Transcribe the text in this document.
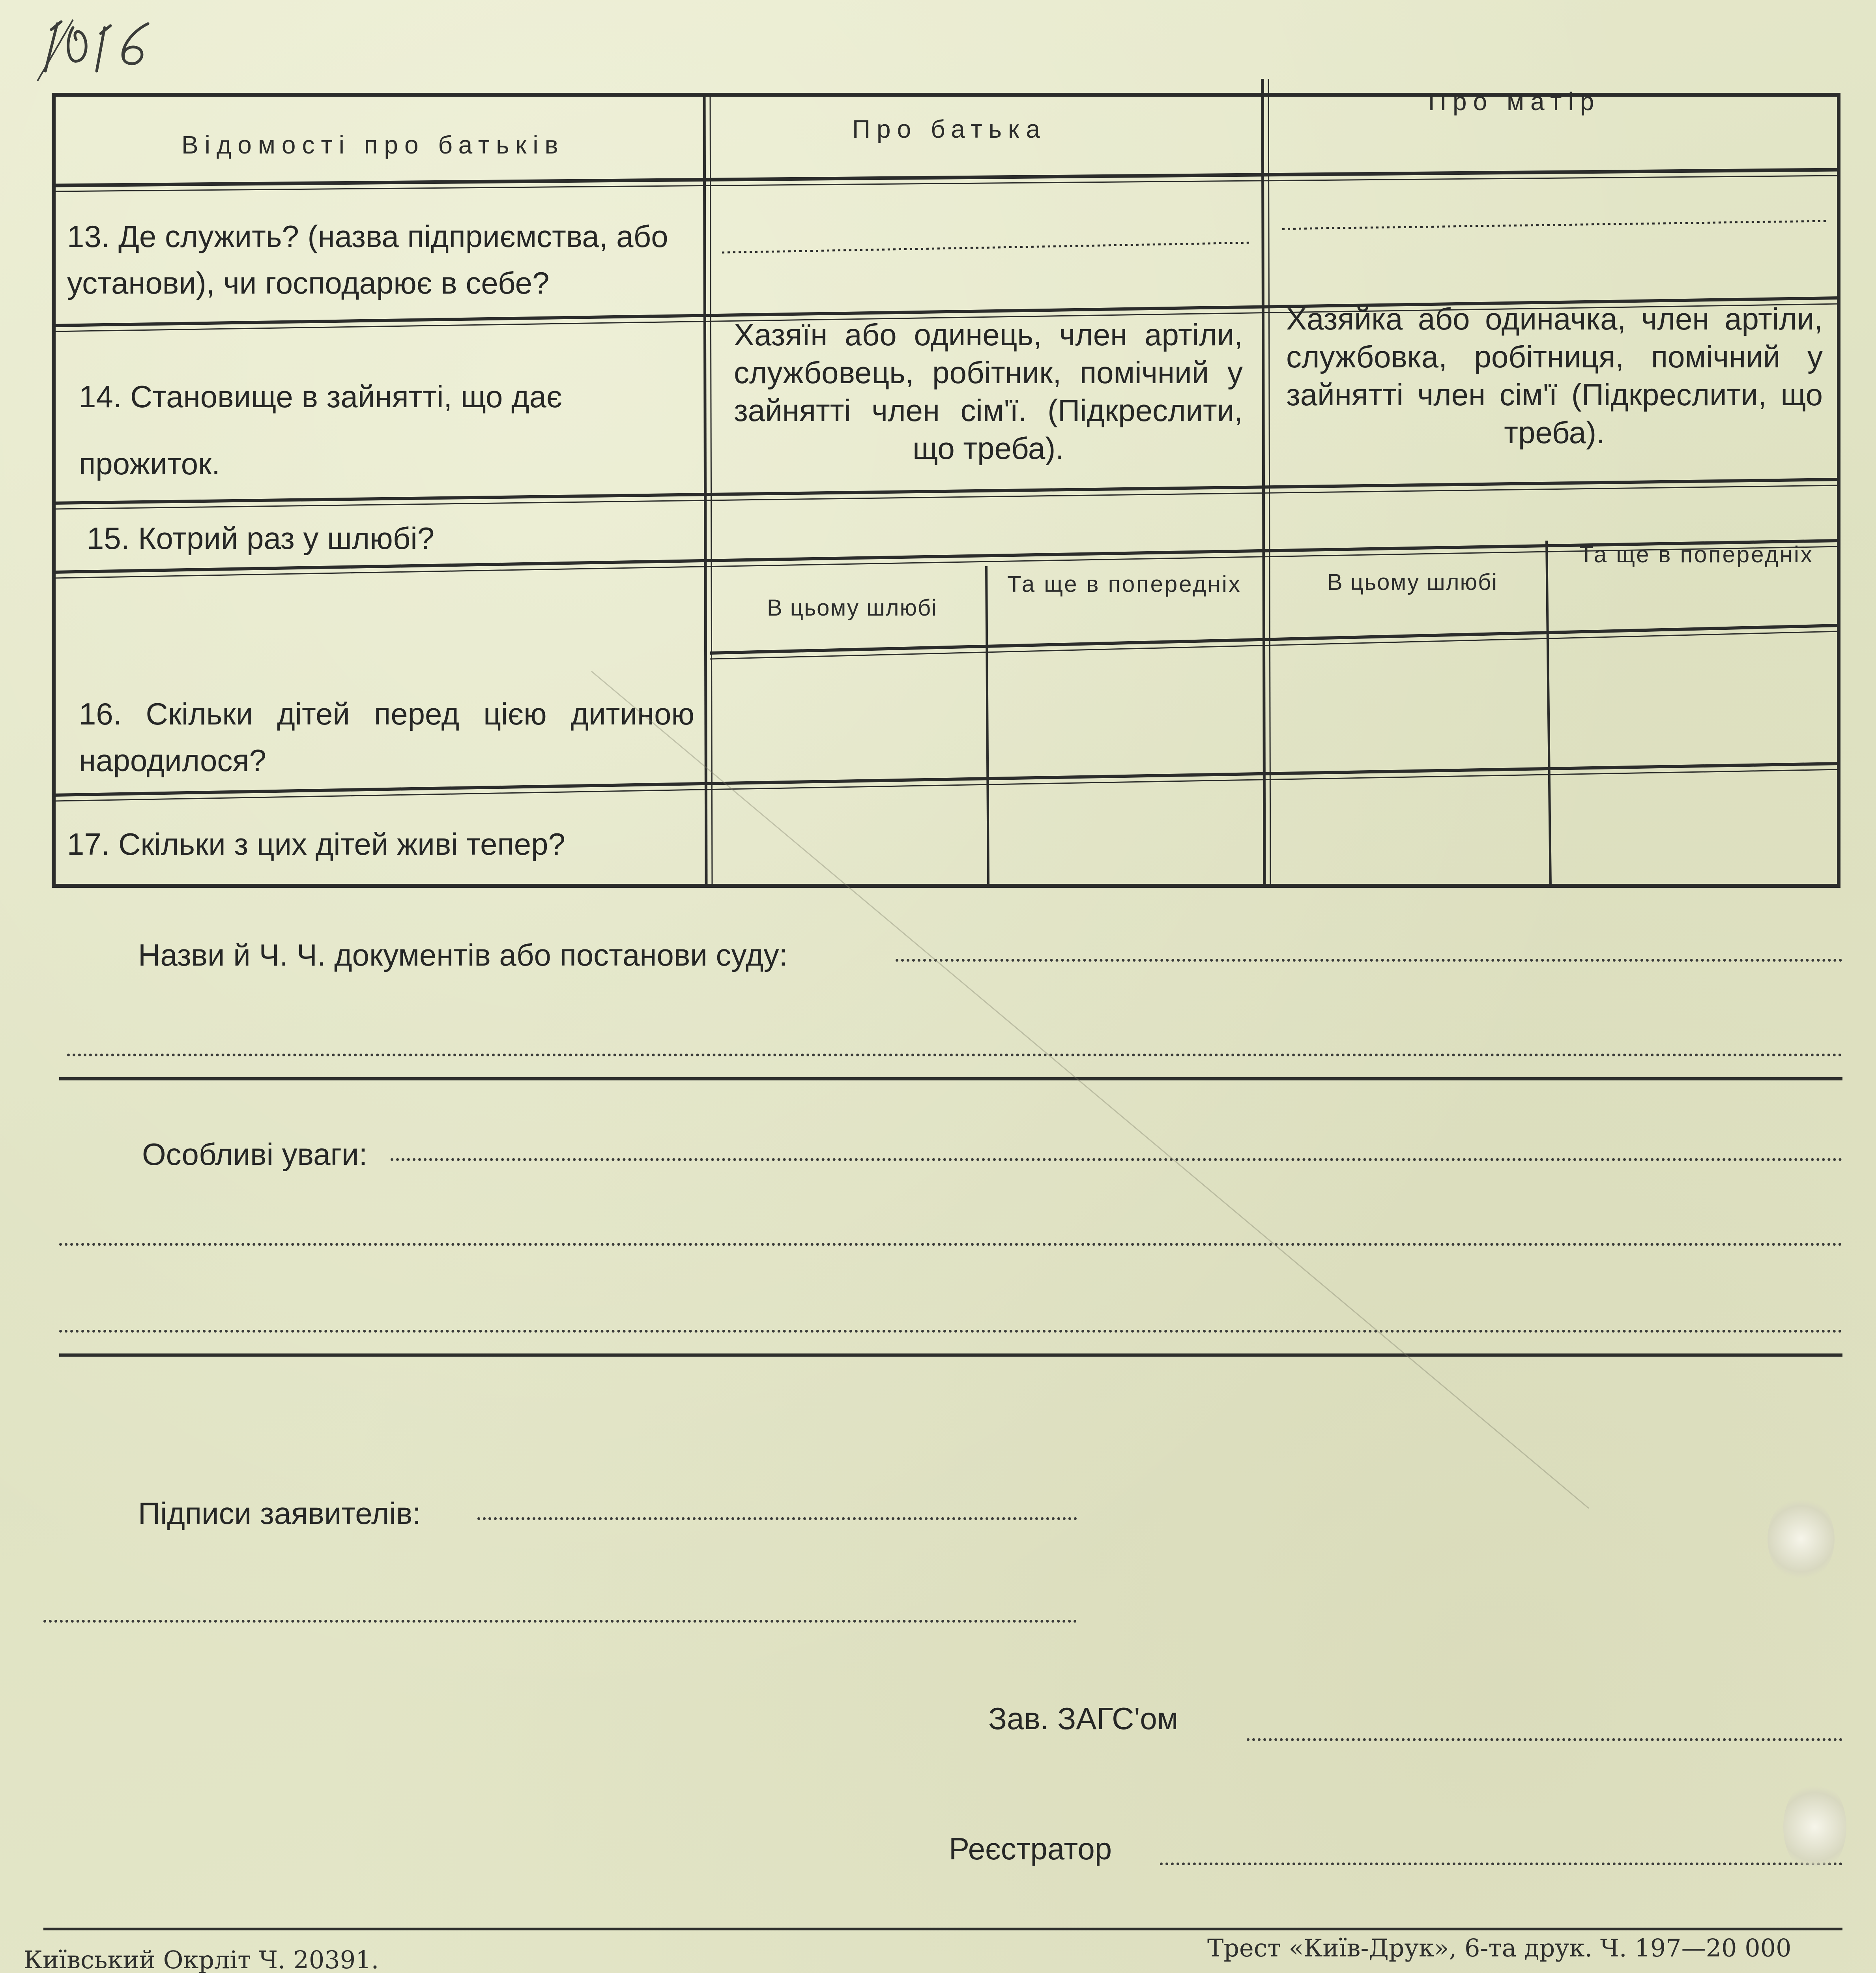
Відомості про батьків
Про батька
Про матір
13. Де служить? (назва підприємства, або установи), чи господарює в себе?
14. Становище в зайнятті, що дає прожиток.
Хазяїн або одинець, член артіли, службовець, робітник, помічний у зайнятті член сім'ї. (Підкреслити, що треба).
Хазяйка або одиначка, член артіли, службовка, робітниця, помічний у зайнятті член сім'ї (Підкреслити, що треба).
15. Котрий раз у шлюбі?
В цьому шлюбі
Та ще в попередніх	В цьому шлюбі
Та ще в попередніх
16. Скільки дітей перед цією дитиною народилося?
17. Скільки з цих дітей живі тепер?
Назви й Ч. Ч. документів або постанови суду:
Особливі уваги:
Підписи заявителів:
Зав. ЗАГС'ом
Реєстратор
Київський Окрліт Ч. 20391.	Трест «Київ-Друк», 6-та друк. Ч. 197—20 000
